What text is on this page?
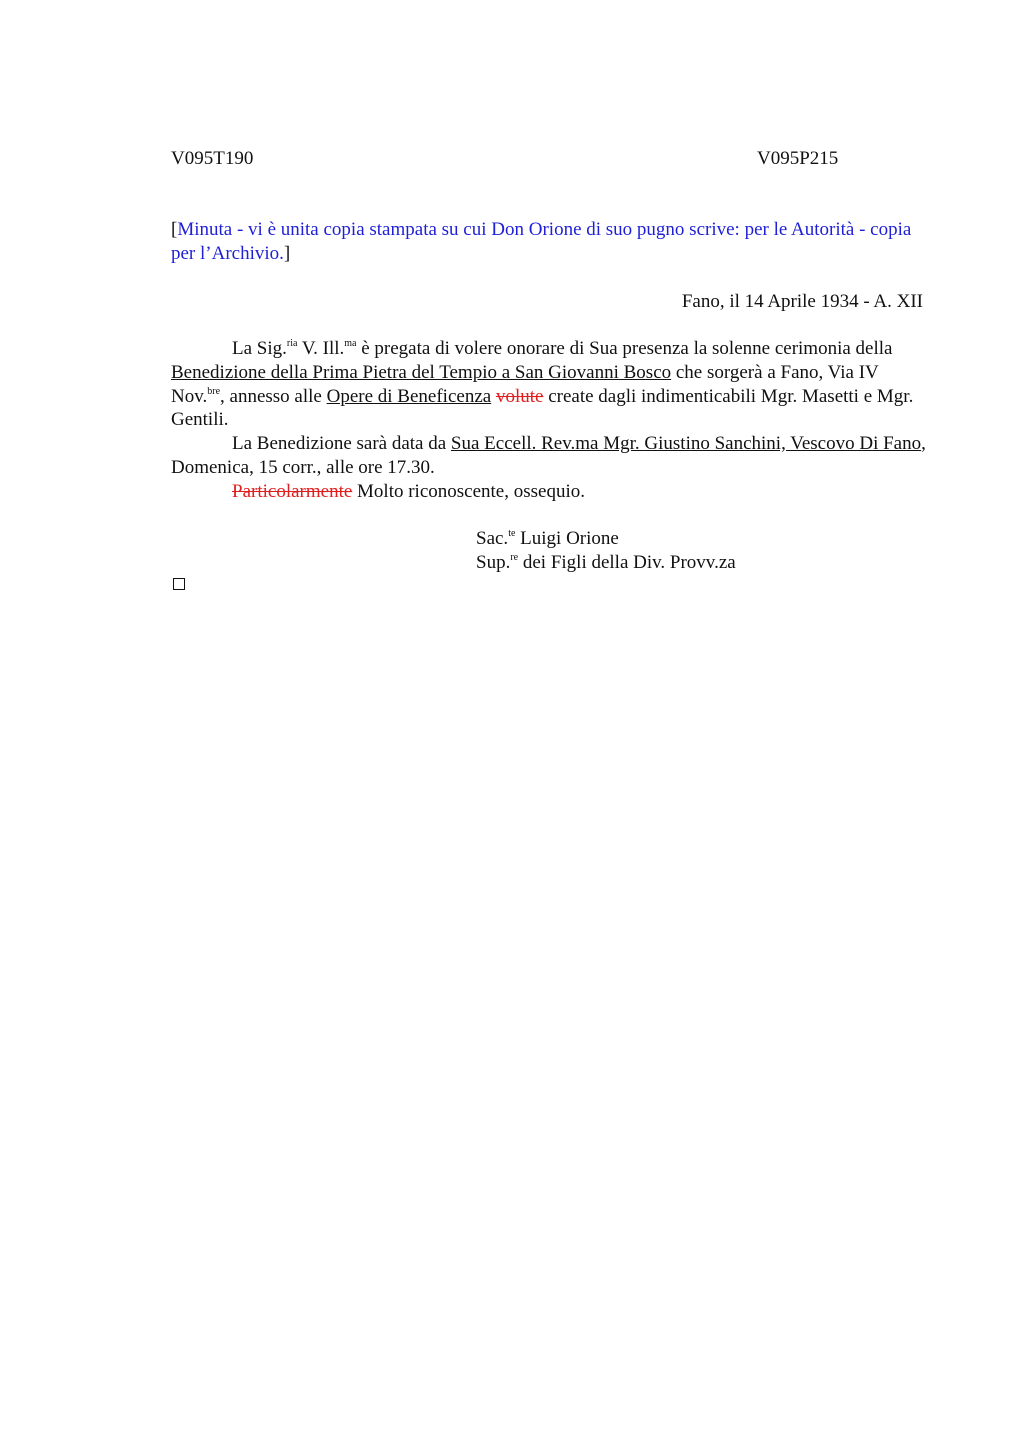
V095T190	V095P215
[Minuta - vi è unita copia stampata su cui Don Orione di suo pugno scrive: per le Autorità - copia per l’Archivio.]
Fano, il 14 Aprile 1934 - A. XII

La Sig.$^{ria}$ V. Ill.$^{ma}$ è pregata di volere onorare di Sua presenza la solenne cerimonia della Benedizione della Prima Pietra del Tempio a San Giovanni Bosco che sorgerà a Fano, Via IV Nov.$^{bre}$, annesso alle Opere di Beneficenza volute create dagli indimenticabili Mgr. Masetti e Mgr. Gentili.

La Benedizione sarà data da Sua Eccell. Rev.ma Mgr. Giustino Sanchini, Vescovo Di Fano, Domenica, 15 corr., alle ore 17.30.

Particolarmente Molto riconoscente, ossequio.

Sac.$^{te}$ Luigi Orione
Sup.$^{re}$ dei Figli della Div. Provv.za
